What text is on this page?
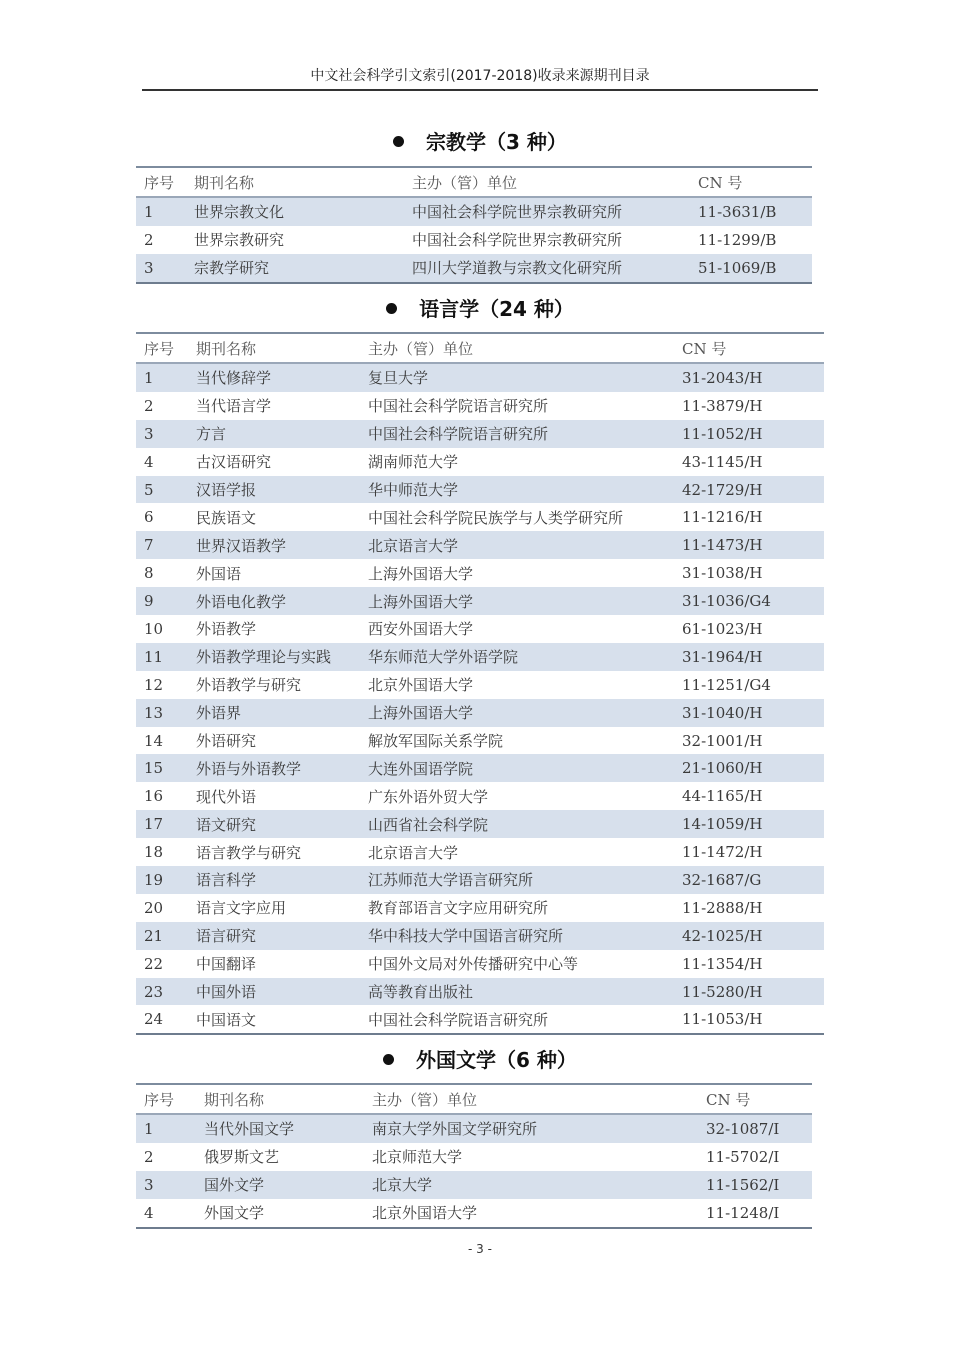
中文社会科学引文索引(2017-2018)收录来源期刊目录
宗教学（3 种）
序号	期刊名称	主办（管）单位	CN 号
1	世界宗教文化	中国社会科学院世界宗教研究所	11-3631/B
2	世界宗教研究	中国社会科学院世界宗教研究所	11-1299/B
3	宗教学研究	四川大学道教与宗教文化研究所	51-1069/B
语言学（24 种）
序号	期刊名称	主办（管）单位	CN 号
1	当代修辞学	复旦大学	31-2043/H
2	当代语言学	中国社会科学院语言研究所	11-3879/H
3	方言	中国社会科学院语言研究所	11-1052/H
4	古汉语研究	湖南师范大学	43-1145/H
5	汉语学报	华中师范大学	42-1729/H
6	民族语文	中国社会科学院民族学与人类学研究所	11-1216/H
7	世界汉语教学	北京语言大学	11-1473/H
8	外国语	上海外国语大学	31-1038/H
9	外语电化教学	上海外国语大学	31-1036/G4
10	外语教学	西安外国语大学	61-1023/H
11	外语教学理论与实践	华东师范大学外语学院	31-1964/H
12	外语教学与研究	北京外国语大学	11-1251/G4
13	外语界	上海外国语大学	31-1040/H
14	外语研究	解放军国际关系学院	32-1001/H
15	外语与外语教学	大连外国语学院	21-1060/H
16	现代外语	广东外语外贸大学	44-1165/H
17	语文研究	山西省社会科学院	14-1059/H
18	语言教学与研究	北京语言大学	11-1472/H
19	语言科学	江苏师范大学语言研究所	32-1687/G
20	语言文字应用	教育部语言文字应用研究所	11-2888/H
21	语言研究	华中科技大学中国语言研究所	42-1025/H
22	中国翻译	中国外文局对外传播研究中心等	11-1354/H
23	中国外语	高等教育出版社	11-5280/H
24	中国语文	中国社会科学院语言研究所	11-1053/H
外国文学（6 种）
序号	期刊名称	主办（管）单位	CN 号
1	当代外国文学	南京大学外国文学研究所	32-1087/I
2	俄罗斯文艺	北京师范大学	11-5702/I
3	国外文学	北京大学	11-1562/I
4	外国文学	北京外国语大学	11-1248/I
- 3 -
